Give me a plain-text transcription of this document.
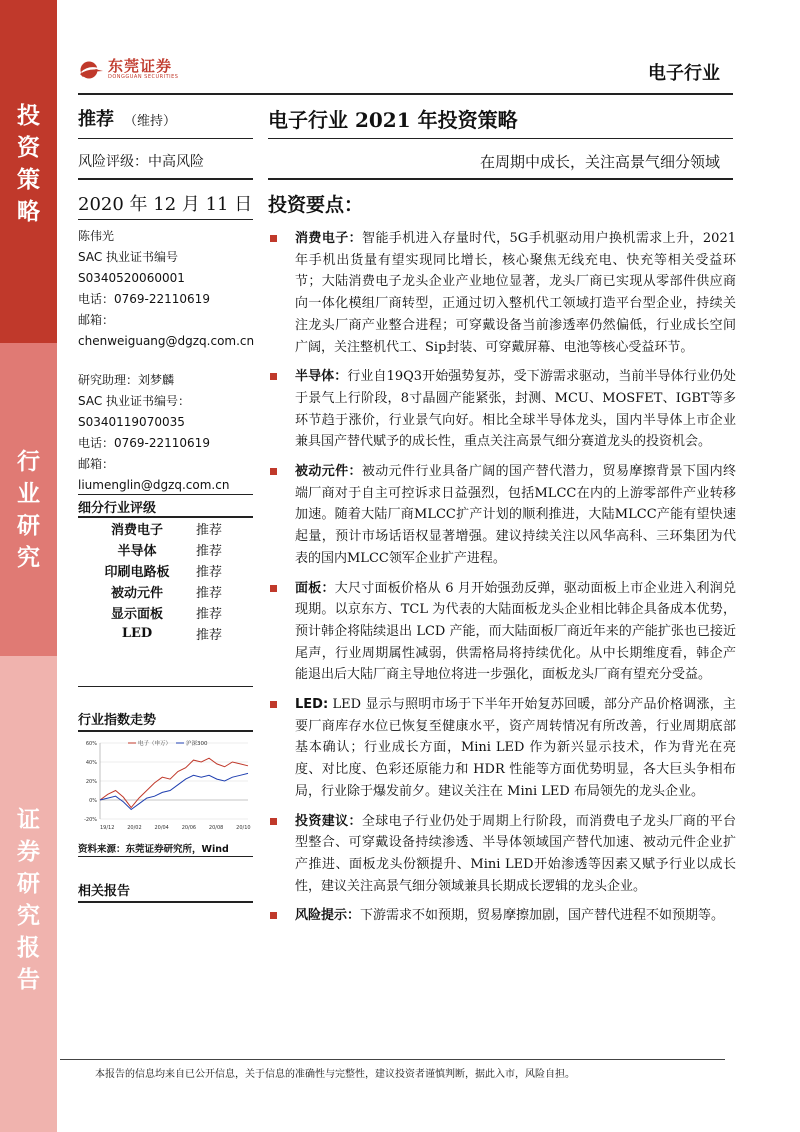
投
资
策
略
行
业
研
究
证
券
研
究
报
告
东莞证券
DONGGUAN SECURITIES	电子行业
推荐 （维持）
风险评级：中高风险
2020 年 12 月 11 日
陈伟光
SAC 执业证书编号
S0340520060001
电话：0769-22110619
邮箱：
chenweiguang@dgzq.com.cn
研究助理：刘梦麟
SAC 执业证书编号：
S0340119070035
电话：0769-22110619
邮箱：
liumenglin@dgzq.com.cn
细分行业评级
消费电子	推荐
半导体	推荐
印刷电路板	推荐
被动元件	推荐
显示面板	推荐
LED	推荐
行业指数走势
60%
40%
20%
0%
-20%
19/12	20/02	20/04	20/06	20/08	20/10
电子（申万）	沪深300
资料来源：东莞证券研究所，Wind
相关报告
电子行业 2021 年投资策略
在周期中成长，关注高景气细分领域
投资要点：
消费电子：智能手机进入存量时代，5G手机驱动用户换机需求上升，2021年手机出货量有望实现同比增长，核心聚焦无线充电、快充等相关受益环节；大陆消费电子龙头企业产业地位显著，龙头厂商已实现从零部件供应商向一体化模组厂商转型，正通过切入整机代工领域打造平台型企业，持续关注龙头厂商产业整合进程；可穿戴设备当前渗透率仍然偏低，行业成长空间广阔，关注整机代工、Sip封装、可穿戴屏幕、电池等核心受益环节。
半导体：行业自19Q3开始强势复苏，受下游需求驱动，当前半导体行业仍处于景气上行阶段，8寸晶圆产能紧张，封测、MCU、MOSFET、IGBT等多环节趋于涨价，行业景气向好。相比全球半导体龙头，国内半导体上市企业兼具国产替代赋予的成长性，重点关注高景气细分赛道龙头的投资机会。
被动元件：被动元件行业具备广阔的国产替代潜力，贸易摩擦背景下国内终端厂商对于自主可控诉求日益强烈，包括MLCC在内的上游零部件产业转移加速。随着大陆厂商MLCC扩产计划的顺利推进，大陆MLCC产能有望快速起量，预计市场话语权显著增强。建议持续关注以风华高科、三环集团为代表的国内MLCC领军企业扩产进程。
面板：大尺寸面板价格从 6 月开始强劲反弹，驱动面板上市企业进入利润兑现期。以京东方、TCL 为代表的大陆面板龙头企业相比韩企具备成本优势，预计韩企将陆续退出 LCD 产能，而大陆面板厂商近年来的产能扩张也已接近尾声，行业周期属性减弱，供需格局将持续优化。从中长期维度看，韩企产能退出后大陆厂商主导地位将进一步强化，面板龙头厂商有望充分受益。
LED: LED 显示与照明市场于下半年开始复苏回暖，部分产品价格调涨，主要厂商库存水位已恢复至健康水平，资产周转情况有所改善，行业周期底部基本确认；行业成长方面，Mini LED 作为新兴显示技术，作为背光在亮度、对比度、色彩还原能力和 HDR 性能等方面优势明显，各大巨头争相布局，行业除于爆发前夕。建议关注在 Mini LED 布局领先的龙头企业。
投资建议：全球电子行业仍处于周期上行阶段，而消费电子龙头厂商的平台型整合、可穿戴设备持续渗透、半导体领域国产替代加速、被动元件企业扩产推进、面板龙头份额提升、Mini LED开始渗透等因素又赋予行业以成长性，建议关注高景气细分领域兼具长期成长逻辑的龙头企业。
风险提示：下游需求不如预期，贸易摩擦加剧，国产替代进程不如预期等。
本报告的信息均来自已公开信息，关于信息的准确性与完整性，建议投资者谨慎判断，据此入市，风险自担。
